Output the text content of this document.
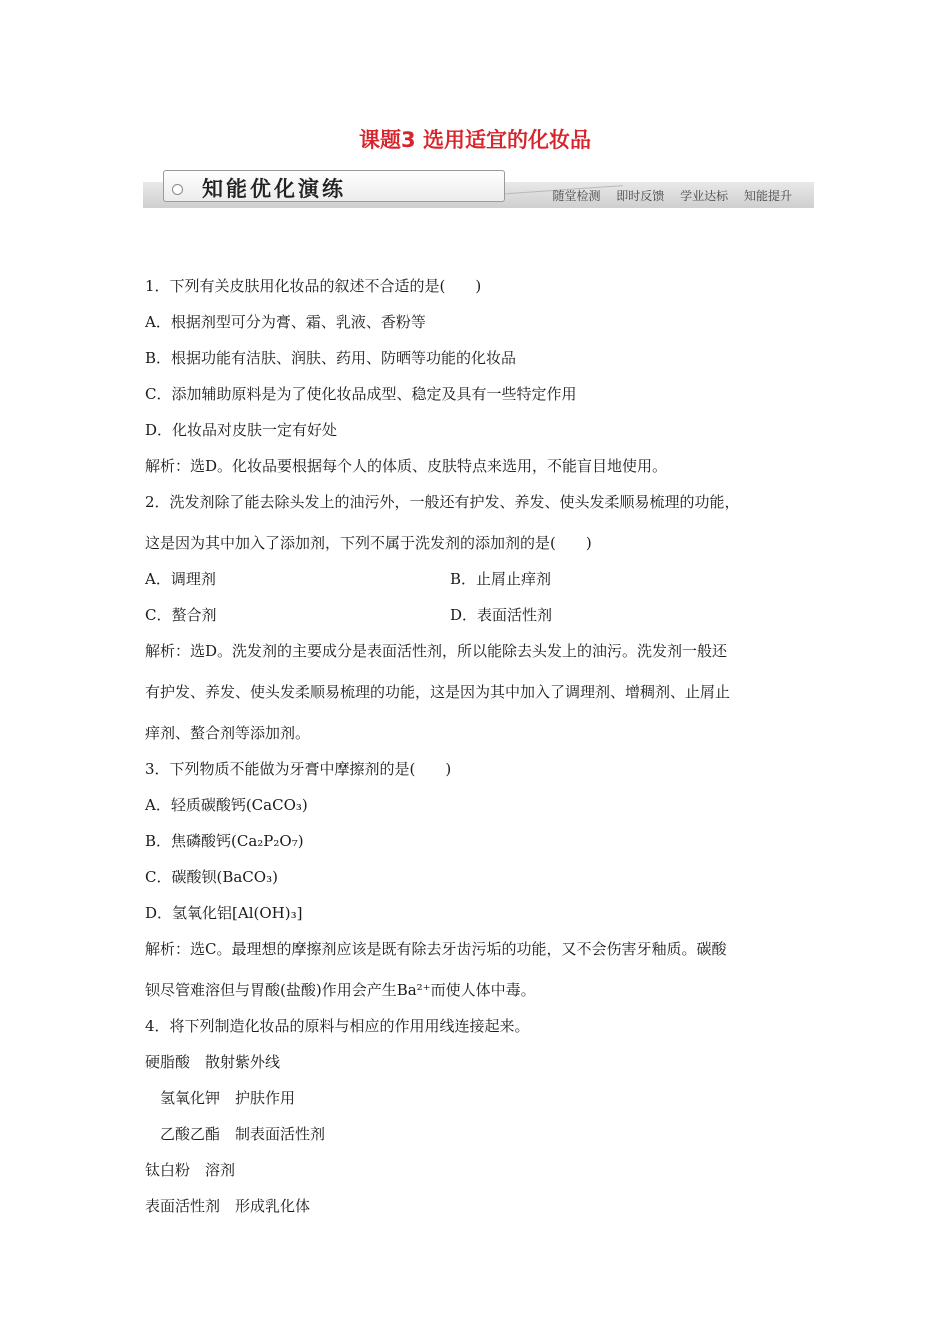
课题3 选用适宜的化妆品
知能优化演练	随堂检测 即时反馈 学业达标 知能提升
1．下列有关皮肤用化妆品的叙述不合适的是(　　)
A．根据剂型可分为膏、霜、乳液、香粉等
B．根据功能有洁肤、润肤、药用、防晒等功能的化妆品
C．添加辅助原料是为了使化妆品成型、稳定及具有一些特定作用
D．化妆品对皮肤一定有好处
解析：选D。化妆品要根据每个人的体质、皮肤特点来选用，不能盲目地使用。
2．洗发剂除了能去除头发上的油污外，一般还有护发、养发、使头发柔顺易梳理的功能，
这是因为其中加入了添加剂，下列不属于洗发剂的添加剂的是(　　)
A．调理剂	B．止屑止痒剂
C．螯合剂	D．表面活性剂
解析：选D。洗发剂的主要成分是表面活性剂，所以能除去头发上的油污。洗发剂一般还
有护发、养发、使头发柔顺易梳理的功能，这是因为其中加入了调理剂、增稠剂、止屑止
痒剂、螯合剂等添加剂。
3．下列物质不能做为牙膏中摩擦剂的是(　　)
A．轻质碳酸钙(CaCO₃)
B．焦磷酸钙(Ca₂P₂O₇)
C．碳酸钡(BaCO₃)
D．氢氧化铝[Al(OH)₃]
解析：选C。最理想的摩擦剂应该是既有除去牙齿污垢的功能，又不会伤害牙釉质。碳酸
钡尽管难溶但与胃酸(盐酸)作用会产生Ba²⁺而使人体中毒。
4．将下列制造化妆品的原料与相应的作用用线连接起来。
硬脂酸　散射紫外线
氢氧化钾　护肤作用
乙酸乙酯　制表面活性剂
钛白粉　溶剂
表面活性剂　形成乳化体
